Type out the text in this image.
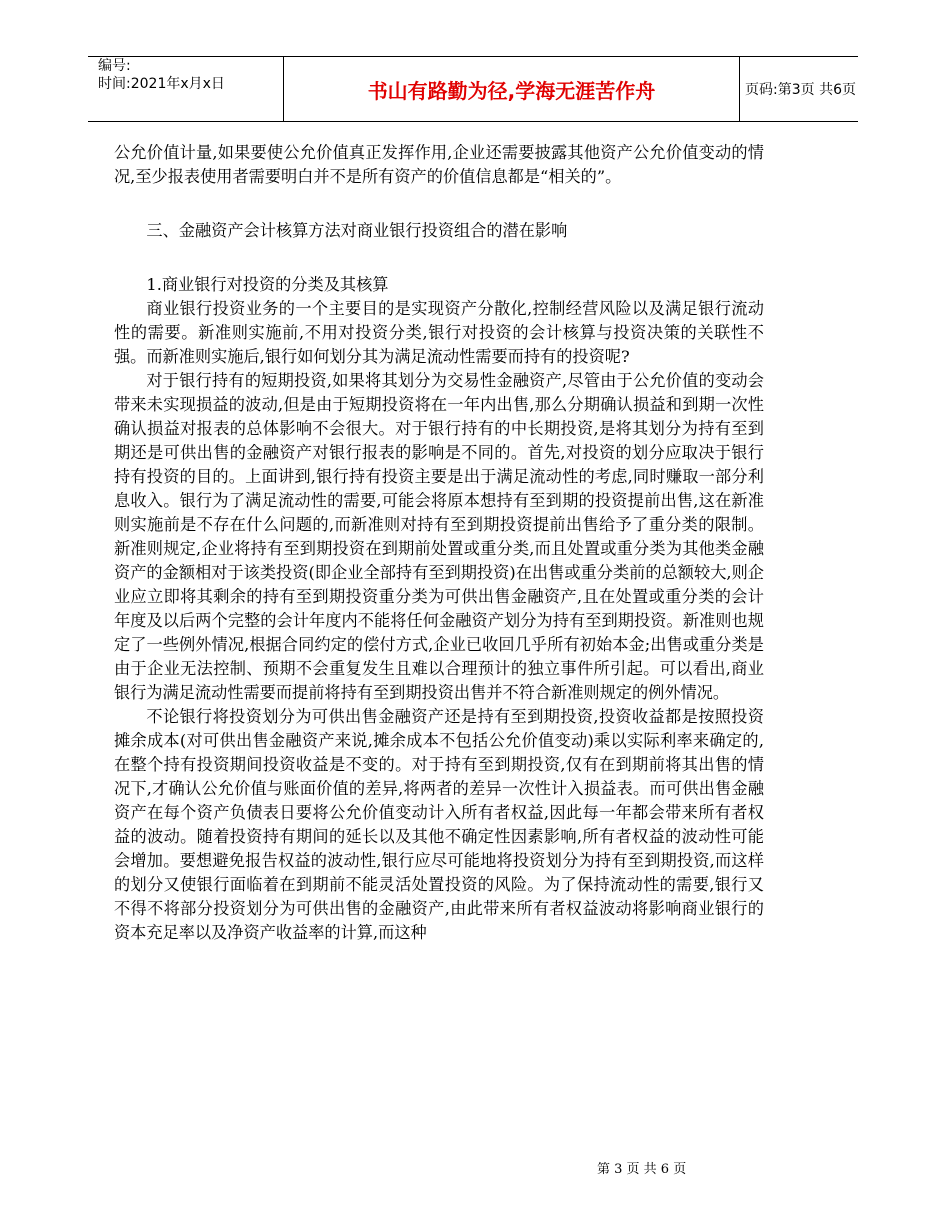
编号:
时间:2021年x月x日	书山有路勤为径,学海无涯苦作舟	页码:第3页 共6页

公允价值计量,如果要使公允价值真正发挥作用,企业还需要披露其他资产公允价值变动的情况,至少报表使用者需要明白并不是所有资产的价值信息都是“相关的”。

三、金融资产会计核算方法对商业银行投资组合的潜在影响

1.商业银行对投资的分类及其核算

商业银行投资业务的一个主要目的是实现资产分散化,控制经营风险以及满足银行流动性的需要。新准则实施前,不用对投资分类,银行对投资的会计核算与投资决策的关联性不强。而新准则实施后,银行如何划分其为满足流动性需要而持有的投资呢?

对于银行持有的短期投资,如果将其划分为交易性金融资产,尽管由于公允价值的变动会带来未实现损益的波动,但是由于短期投资将在一年内出售,那么分期确认损益和到期一次性确认损益对报表的总体影响不会很大。对于银行持有的中长期投资,是将其划分为持有至到期还是可供出售的金融资产对银行报表的影响是不同的。首先,对投资的划分应取决于银行持有投资的目的。上面讲到,银行持有投资主要是出于满足流动性的考虑,同时赚取一部分利息收入。银行为了满足流动性的需要,可能会将原本想持有至到期的投资提前出售,这在新准则实施前是不存在什么问题的,而新准则对持有至到期投资提前出售给予了重分类的限制。新准则规定,企业将持有至到期投资在到期前处置或重分类,而且处置或重分类为其他类金融资产的金额相对于该类投资(即企业全部持有至到期投资)在出售或重分类前的总额较大,则企业应立即将其剩余的持有至到期投资重分类为可供出售金融资产,且在处置或重分类的会计年度及以后两个完整的会计年度内不能将任何金融资产划分为持有至到期投资。新准则也规定了一些例外情况,根据合同约定的偿付方式,企业已收回几乎所有初始本金;出售或重分类是由于企业无法控制、预期不会重复发生且难以合理预计的独立事件所引起。可以看出,商业银行为满足流动性需要而提前将持有至到期投资出售并不符合新准则规定的例外情况。

不论银行将投资划分为可供出售金融资产还是持有至到期投资,投资收益都是按照投资摊余成本(对可供出售金融资产来说,摊余成本不包括公允价值变动)乘以实际利率来确定的,在整个持有投资期间投资收益是不变的。对于持有至到期投资,仅有在到期前将其出售的情况下,才确认公允价值与账面价值的差异,将两者的差异一次性计入损益表。而可供出售金融资产在每个资产负债表日要将公允价值变动计入所有者权益,因此每一年都会带来所有者权益的波动。随着投资持有期间的延长以及其他不确定性因素影响,所有者权益的波动性可能会增加。要想避免报告权益的波动性,银行应尽可能地将投资划分为持有至到期投资,而这样的划分又使银行面临着在到期前不能灵活处置投资的风险。为了保持流动性的需要,银行又不得不将部分投资划分为可供出售的金融资产,由此带来所有者权益波动将影响商业银行的资本充足率以及净资产收益率的计算,而这种

第 3 页 共 6 页
